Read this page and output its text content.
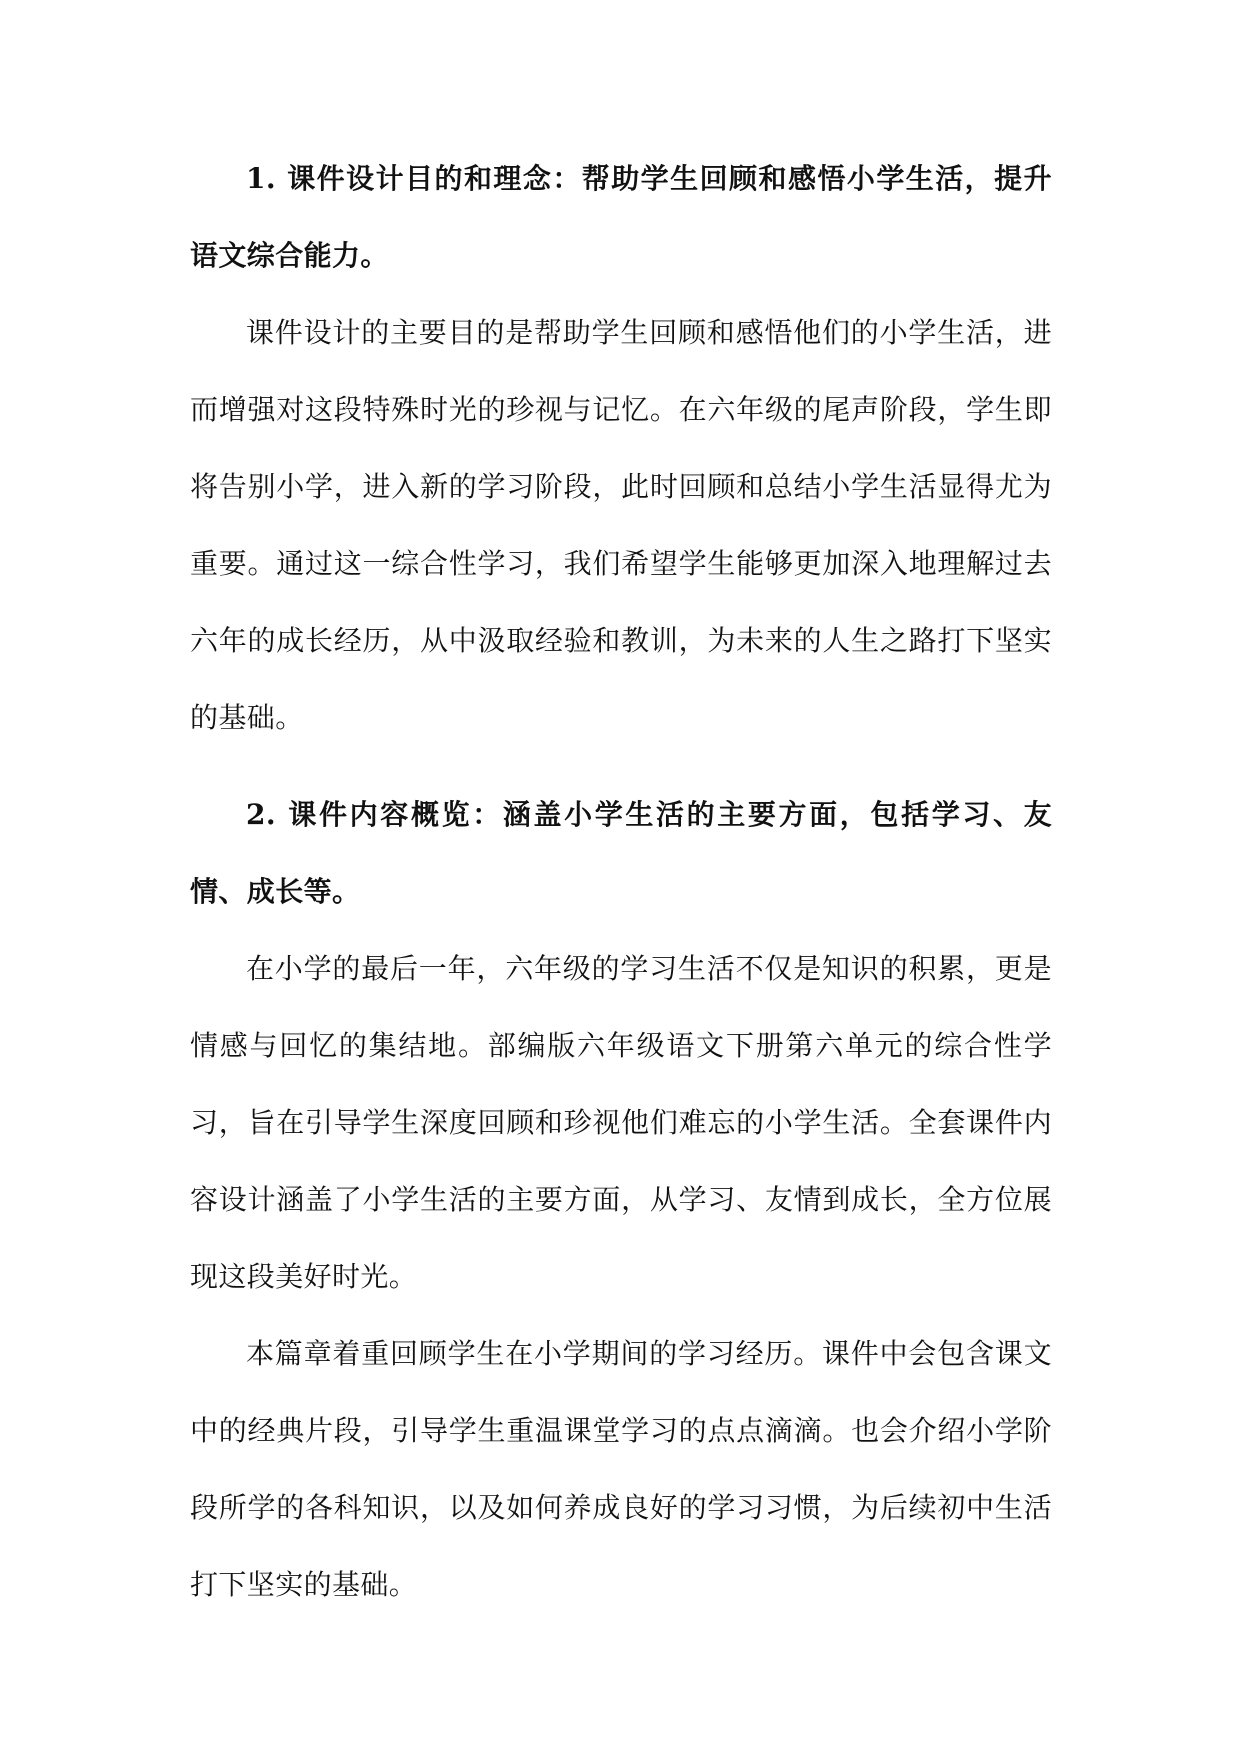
1. 课件设计目的和理念：帮助学生回顾和感悟小学生活，提升语文综合能力。

课件设计的主要目的是帮助学生回顾和感悟他们的小学生活，进而增强对这段特殊时光的珍视与记忆。在六年级的尾声阶段，学生即将告别小学，进入新的学习阶段，此时回顾和总结小学生活显得尤为重要。通过这一综合性学习，我们希望学生能够更加深入地理解过去六年的成长经历，从中汲取经验和教训，为未来的人生之路打下坚实的基础。

2. 课件内容概览：涵盖小学生活的主要方面，包括学习、友情、成长等。

在小学的最后一年，六年级的学习生活不仅是知识的积累，更是情感与回忆的集结地。部编版六年级语文下册第六单元的综合性学习，旨在引导学生深度回顾和珍视他们难忘的小学生活。全套课件内容设计涵盖了小学生活的主要方面，从学习、友情到成长，全方位展现这段美好时光。

本篇章着重回顾学生在小学期间的学习经历。课件中会包含课文中的经典片段，引导学生重温课堂学习的点点滴滴。也会介绍小学阶段所学的各科知识，以及如何养成良好的学习习惯，为后续初中生活打下坚实的基础。
